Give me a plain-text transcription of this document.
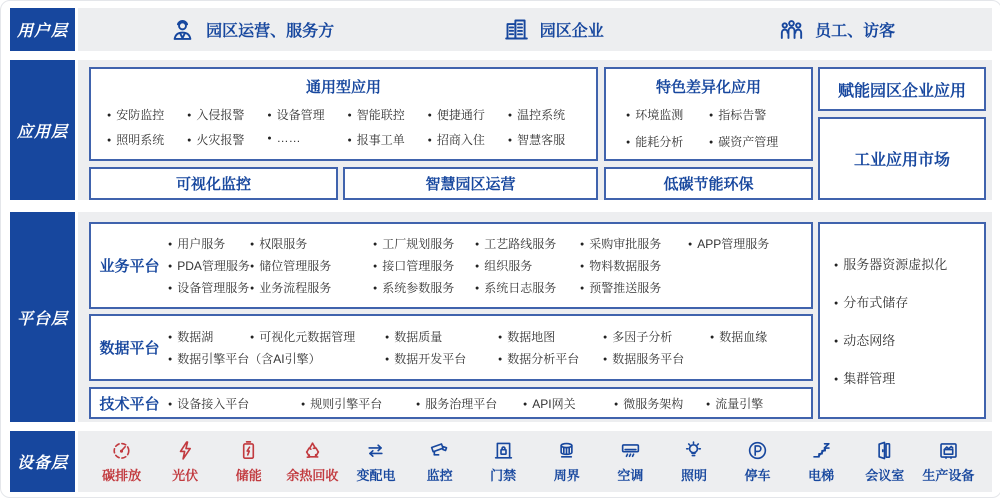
用户层
应用层
平台层
设备层
园区运营、服务方	园区企业	员工、访客
通用型应用
● 安防监控	● 入侵报警	● 设备管理	● 智能联控	● 便捷通行	● 温控系统
● 照明系统	● 火灾报警	● ……	● 报事工单	● 招商入住	● 智慧客服
特色差异化应用
● 环境监测	● 指标告警
● 能耗分析	● 碳资产管理
赋能园区企业应用
工业应用市场
可视化监控	智慧园区运营	低碳节能环保
业务平台
● 用户服务	● 权限服务	● 工厂规划服务	● 工艺路线服务	● 采购审批服务	● APP管理服务
● PDA管理服务 ● 储位管理服务	● 接口管理服务	● 组织服务	● 物料数据服务
● 设备管理服务 ● 业务流程服务	● 系统参数服务	● 系统日志服务	● 预警推送服务
数据平台
● 数据湖	● 可视化元数据管理	● 数据质量	● 数据地图	● 多因子分析	● 数据血缘
● 数据引擎平台（含AI引擎）	● 数据开发平台	● 数据分析平台	● 数据服务平台
技术平台	● 设备接入平台	● 规则引擎平台	● 服务治理平台	● API网关	● 微服务架构	● 流量引擎
● 服务器资源虚拟化
● 分布式储存
● 动态网络
● 集群管理
碳排放 光伏	储能 余热回收 变配电 监控	门禁	周界	空调	照明	停车	电梯 会议室 生产设备
